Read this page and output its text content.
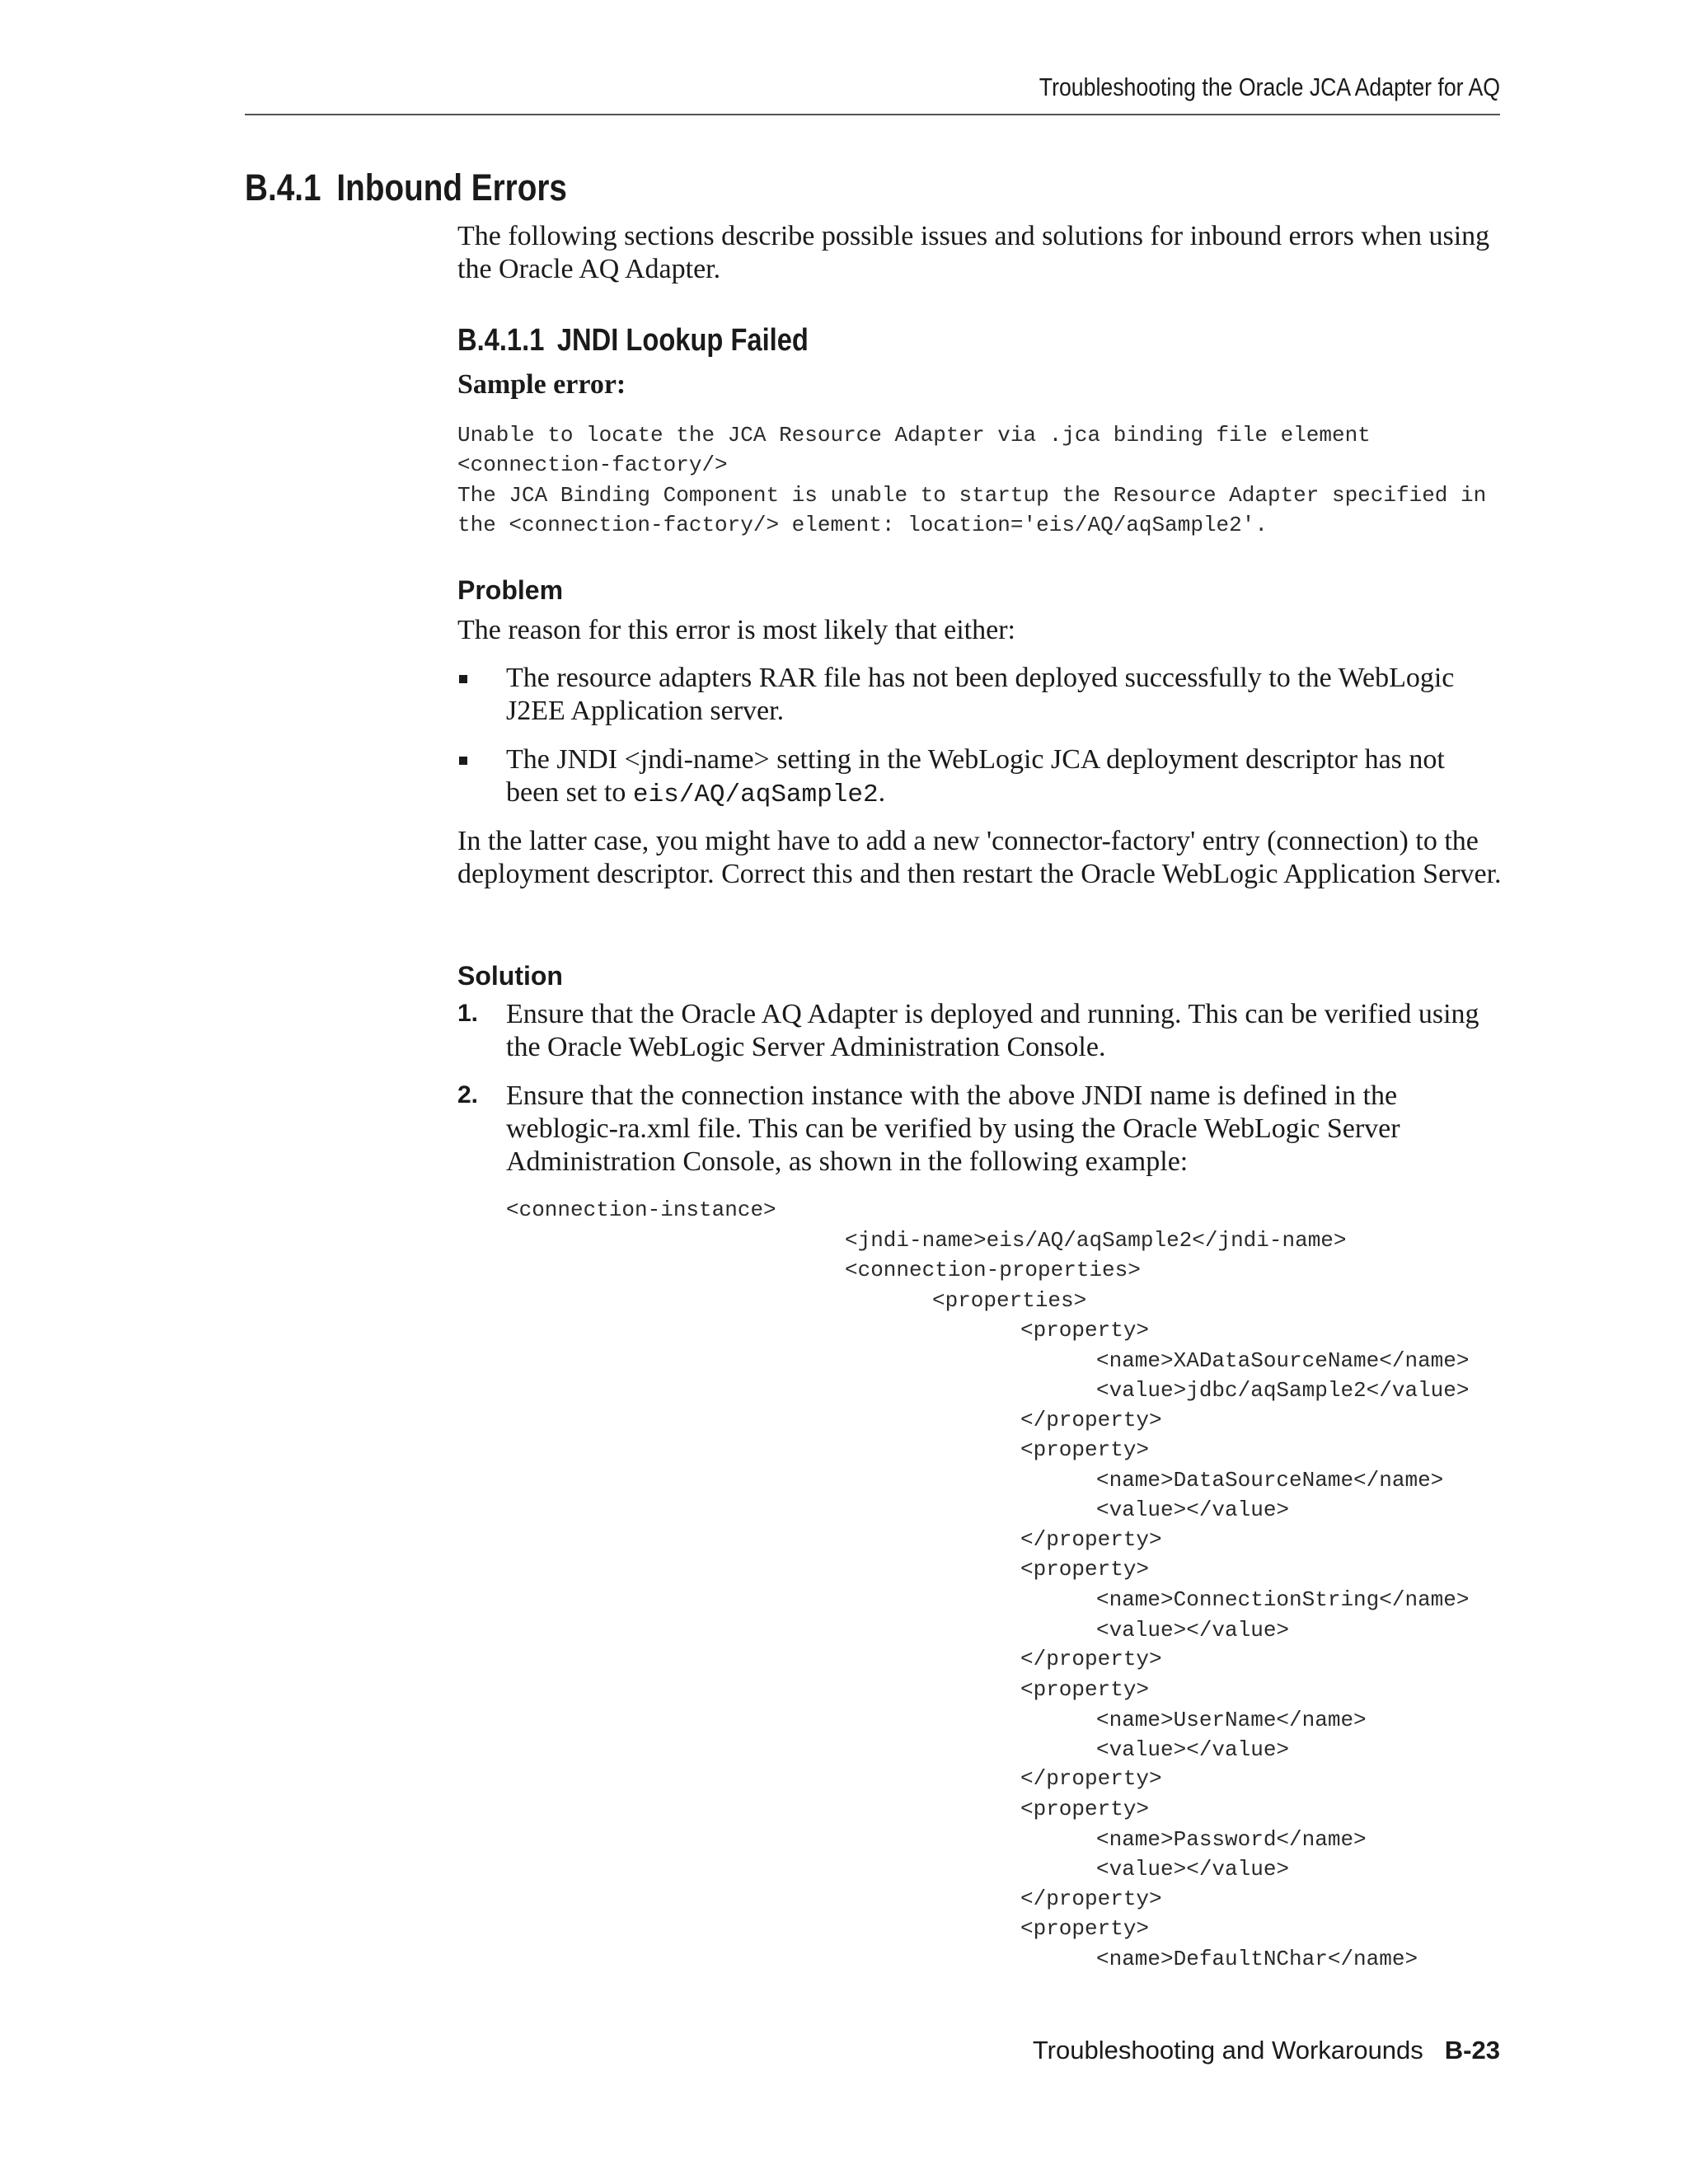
Troubleshooting the Oracle JCA Adapter for AQ
B.4.1 Inbound Errors

The following sections describe possible issues and solutions for inbound errors when using the Oracle AQ Adapter.

B.4.1.1 JNDI Lookup Failed

Sample error:

Unable to locate the JCA Resource Adapter via .jca binding file element
<connection-factory/>
The JCA Binding Component is unable to startup the Resource Adapter specified in
the <connection-factory/> element: location='eis/AQ/aqSample2'.

Problem

The reason for this error is most likely that either:

The resource adapters RAR file has not been deployed successfully to the WebLogic J2EE Application server.
The JNDI <jndi-name> setting in the WebLogic JCA deployment descriptor has not been set to eis/AQ/aqSample2.

In the latter case, you might have to add a new 'connector-factory' entry (connection) to the deployment descriptor. Correct this and then restart the Oracle WebLogic Application Server.

Solution

1. Ensure that the Oracle AQ Adapter is deployed and running. This can be verified using the Oracle WebLogic Server Administration Console.
2. Ensure that the connection instance with the above JNDI name is defined in the weblogic-ra.xml file. This can be verified by using the Oracle WebLogic Server Administration Console, as shown in the following example:
<connection-instance>
<jndi-name>eis/AQ/aqSample2</jndi-name>
<connection-properties>
<properties>
<property>

</property>
<property>

</property>
<property>

</property>
<property>

</property>
<property>

</property>
<property>
<name>XADataSourceName</name>
<value>jdbc/aqSample2</value>

<name>DataSourceName</name>
<value></value>

<name>ConnectionString</name>
<value></value>

<name>UserName</name>
<value></value>

<name>Password</name>
<value></value>

<name>DefaultNChar</name>
Troubleshooting and Workarounds B-23
